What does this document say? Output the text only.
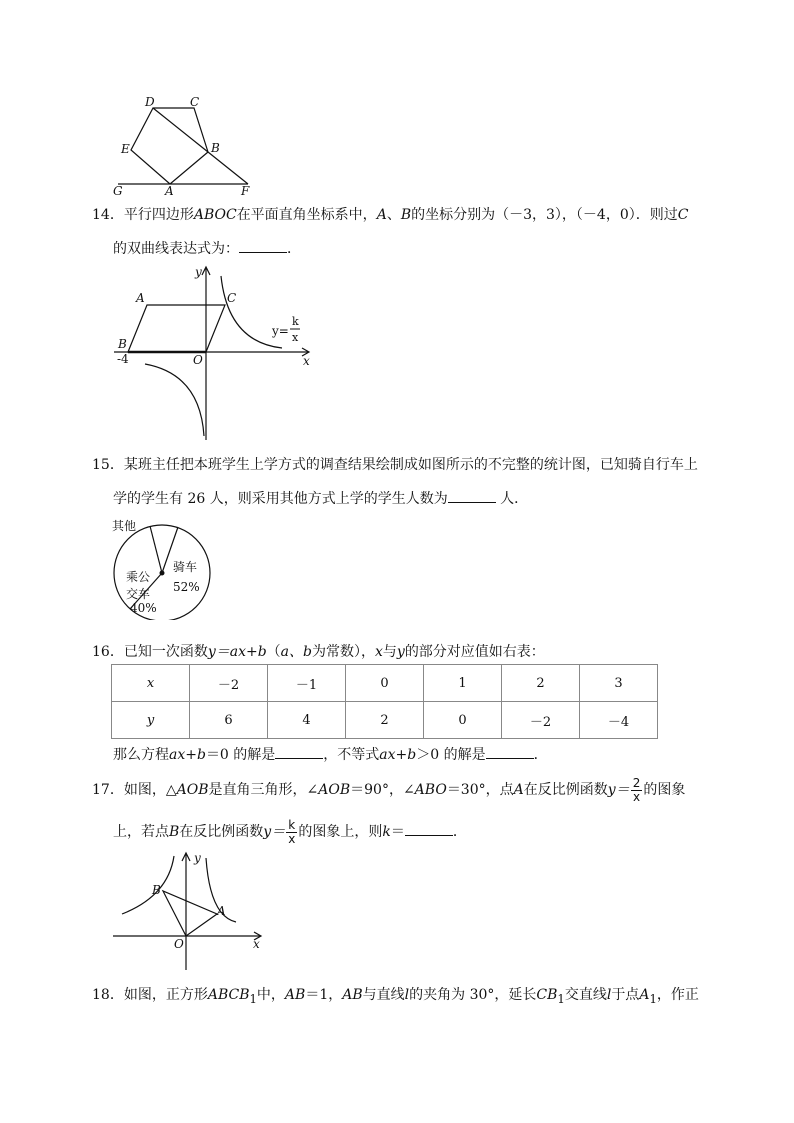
D	C
E	B
G	A	F
14．平行四边形ABOC在平面直角坐标系中，A、B的坐标分别为（－3，3），（－4，0）．则过C
的双曲线表达式为：	．
y
x
A	C
B
O
-4
y=
k
x
15．某班主任把本班学生上学方式的调查结果绘制成如图所示的不完整的统计图，已知骑自行车上
学的学生有 26 人，则采用其他方式上学的学生人数为	人．
其他
骑车
52%
乘公
交车
40%
16．已知一次函数y＝ax+b（a、b为常数），x与y的部分对应值如右表：
x	－2	－1	0	1	2	3
y	6	4	2	0	－2	－4
那么方程ax+b＝0 的解是	，不等式ax+b＞0 的解是	．
17．如图，△AOB是直角三角形，∠AOB＝90°，∠ABO＝30°，点A在反比例函数$y= \frac{2}{x}$ 的图象
上，若点B在反比例函数$y= \frac{k}{x}$ 的图象上，则k＝	．
y
x
B
A
O
18．如图，正方形$ABCB_1$中，AB＝1，AB与直线l的夹角为 30°，延长$CB_1$交直线l于点$A_1$，作正
